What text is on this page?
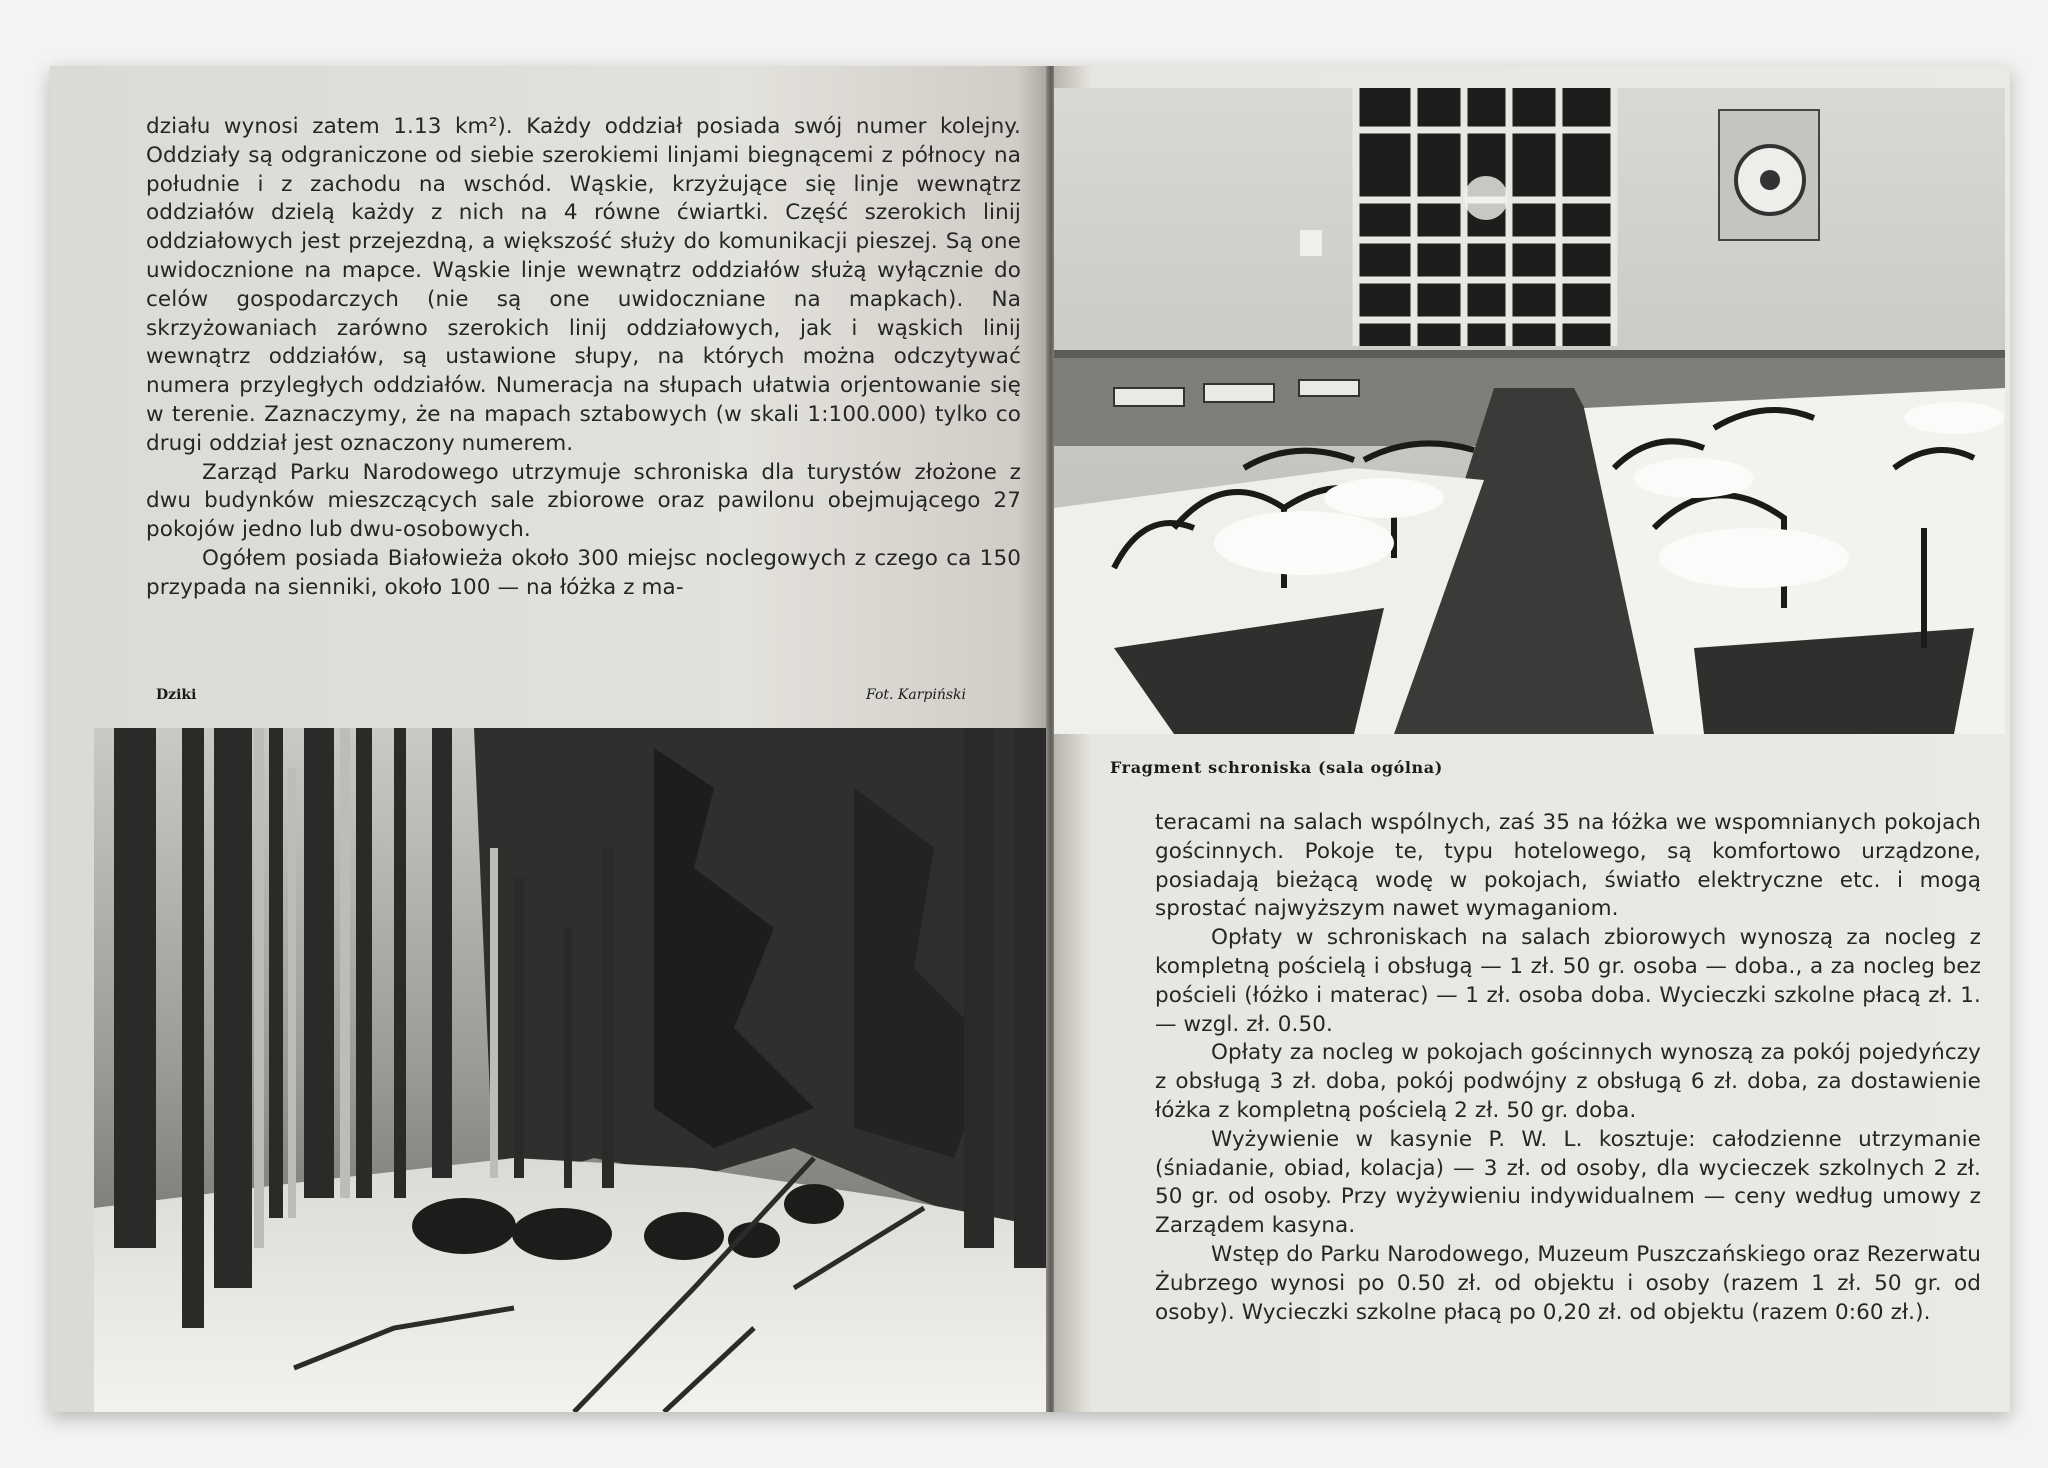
działu wynosi zatem 1.13 km²). Każdy oddział posiada swój numer kolejny. Oddziały są odgraniczone od siebie szerokiemi linjami biegnącemi z północy na południe i z zachodu na wschód. Wąskie, krzyżujące się linje wewnątrz oddziałów dzielą każdy z nich na 4 równe ćwiartki. Część szerokich linij oddziałowych jest przejezdną, a większość służy do komunikacji pieszej. Są one uwidocznione na mapce. Wąskie linje wewnątrz oddziałów służą wyłącznie do celów gospodarczych (nie są one uwidoczniane na mapkach). Na skrzyżowaniach zarówno szerokich linij oddziałowych, jak i wąskich linij wewnątrz oddziałów, są ustawione słupy, na których można odczytywać numera przyległych oddziałów. Numeracja na słupach ułatwia orjentowanie się w terenie. Zaznaczymy, że na mapach sztabowych (w skali 1:100.000) tylko co drugi oddział jest oznaczony numerem.

Zarząd Parku Narodowego utrzymuje schroniska dla turystów złożone z dwu budynków mieszczących sale zbiorowe oraz pawilonu obejmującego 27 pokojów jedno lub dwu-osobowych.

Ogółem posiada Białowieża około 300 miejsc noclegowych z czego ca 150 przypada na sienniki, około 100 — na łóżka z ma-

Dziki	Fot. Karpiński
Fragment schroniska (sala ogólna)

teracami na salach wspólnych, zaś 35 na łóżka we wspomnianych pokojach gościnnych. Pokoje te, typu hotelowego, są komfortowo urządzone, posiadają bieżącą wodę w pokojach, światło elektryczne etc. i mogą sprostać najwyższym nawet wymaganiom.

Opłaty w schroniskach na salach zbiorowych wynoszą za nocleg z kompletną pościelą i obsługą — 1 zł. 50 gr. osoba — doba., a za nocleg bez pościeli (łóżko i materac) — 1 zł. osoba doba. Wycieczki szkolne płacą zł. 1.— wzgl. zł. 0.50.

Opłaty za nocleg w pokojach gościnnych wynoszą za pokój pojedyńczy z obsługą 3 zł. doba, pokój podwójny z obsługą 6 zł. doba, za dostawienie łóżka z kompletną pościelą 2 zł. 50 gr. doba.

Wyżywienie w kasynie P. W. L. kosztuje: całodzienne utrzymanie (śniadanie, obiad, kolacja) — 3 zł. od osoby, dla wycieczek szkolnych 2 zł. 50 gr. od osoby. Przy wyżywieniu indywidualnem — ceny według umowy z Zarządem kasyna.

Wstęp do Parku Narodowego, Muzeum Puszczańskiego oraz Rezerwatu Żubrzego wynosi po 0.50 zł. od objektu i osoby (razem 1 zł. 50 gr. od osoby). Wycieczki szkolne płacą po 0,20 zł. od objektu (razem 0:60 zł.).
